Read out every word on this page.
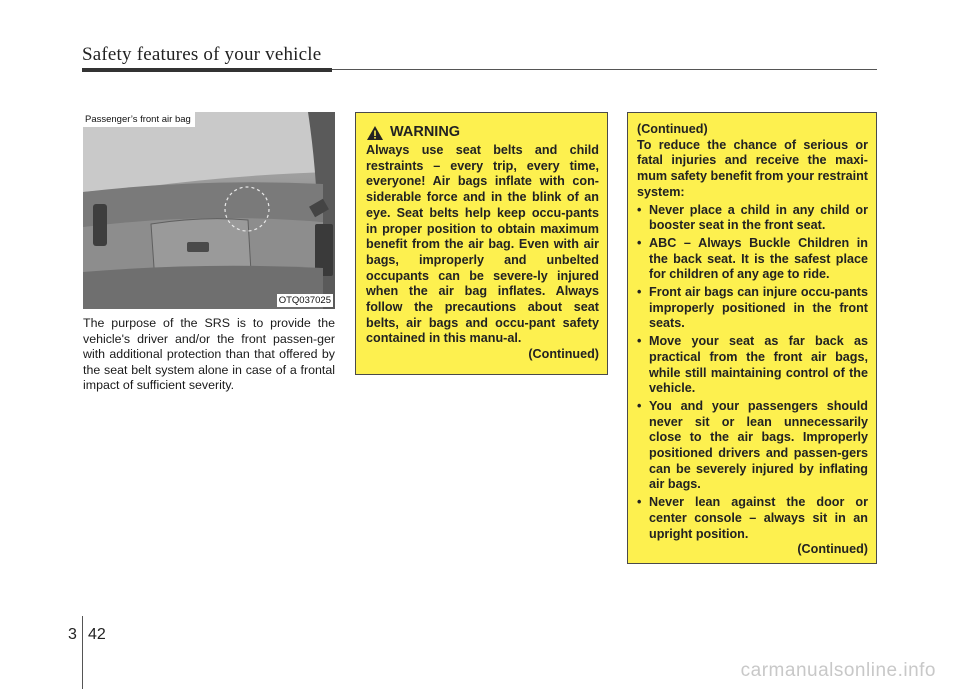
Safety features of your vehicle
Passenger’s front air bag
OTQ037025
The purpose of the SRS is to provide the vehicle's driver and/or the front passen-ger with additional protection than that offered by the seat belt system alone in case of a frontal impact of sufficient severity.
WARNING
Always use seat belts and child restraints – every trip, every time, everyone! Air bags inflate with con-siderable force and in the blink of an eye. Seat belts help keep occu-pants in proper position to obtain maximum benefit from the air bag. Even with air bags, improperly and unbelted occupants can be severe-ly injured when the air bag inflates. Always follow the precautions about seat belts, air bags and occu-pant safety contained in this manu-al.
(Continued)
(Continued)
To reduce the chance of serious or fatal injuries and receive the maxi-mum safety benefit from your restraint system:
• Never place a child in any child or booster seat in the front seat.
• ABC – Always Buckle Children in the back seat. It is the safest place for children of any age to ride.
• Front air bags can injure occu-pants improperly positioned in the front seats.
• Move your seat as far back as practical from the front air bags, while still maintaining control of the vehicle.
• You and your passengers should never sit or lean unnecessarily close to the air bags. Improperly positioned drivers and passen-gers can be severely injured by inflating air bags.
• Never lean against the door or center console – always sit in an upright position.
(Continued)
3 42
carmanualsonline.info
